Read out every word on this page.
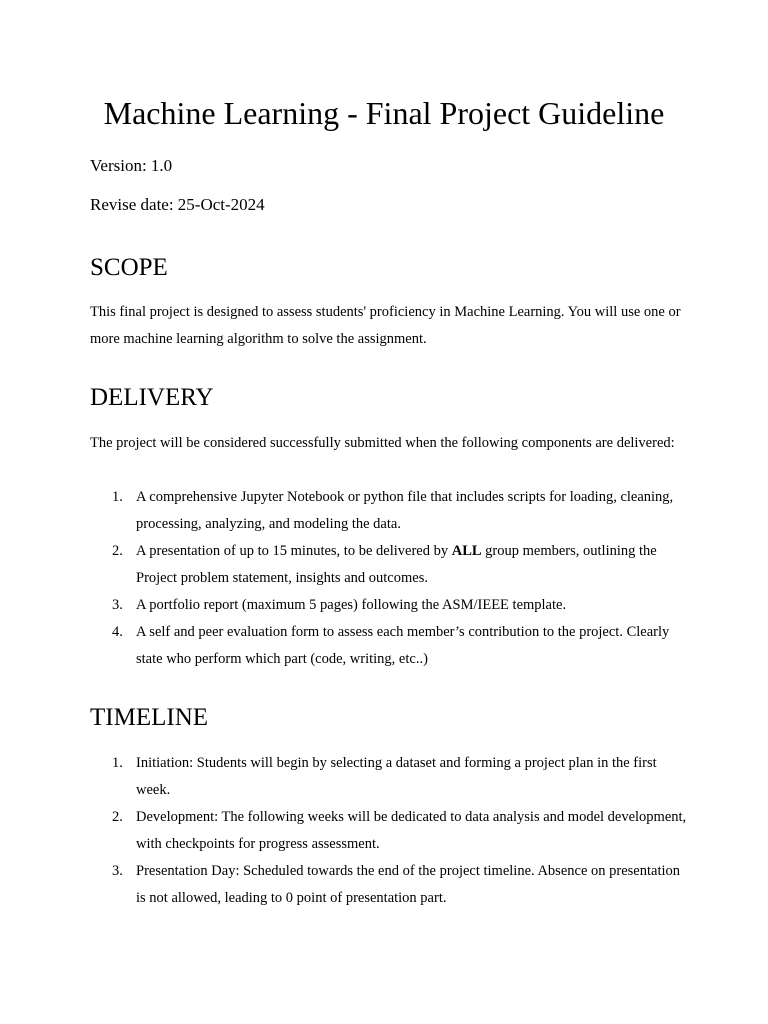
Machine Learning - Final Project Guideline

Version: 1.0

Revise date: 25-Oct-2024

SCOPE

This final project is designed to assess students' proficiency in Machine Learning. You will use one or more machine learning algorithm to solve the assignment.

DELIVERY

The project will be considered successfully submitted when the following components are delivered:

1. A comprehensive Jupyter Notebook or python file that includes scripts for loading, cleaning, processing, analyzing, and modeling the data.
2. A presentation of up to 15 minutes, to be delivered by ALL group members, outlining the Project problem statement, insights and outcomes.
3. A portfolio report (maximum 5 pages) following the ASM/IEEE template.
4. A self and peer evaluation form to assess each member’s contribution to the project. Clearly state who perform which part (code, writing, etc..)
TIMELINE
1. Initiation: Students will begin by selecting a dataset and forming a project plan in the first week.
2. Development: The following weeks will be dedicated to data analysis and model development, with checkpoints for progress assessment.
3. Presentation Day: Scheduled towards the end of the project timeline. Absence on presentation is not allowed, leading to 0 point of presentation part.
